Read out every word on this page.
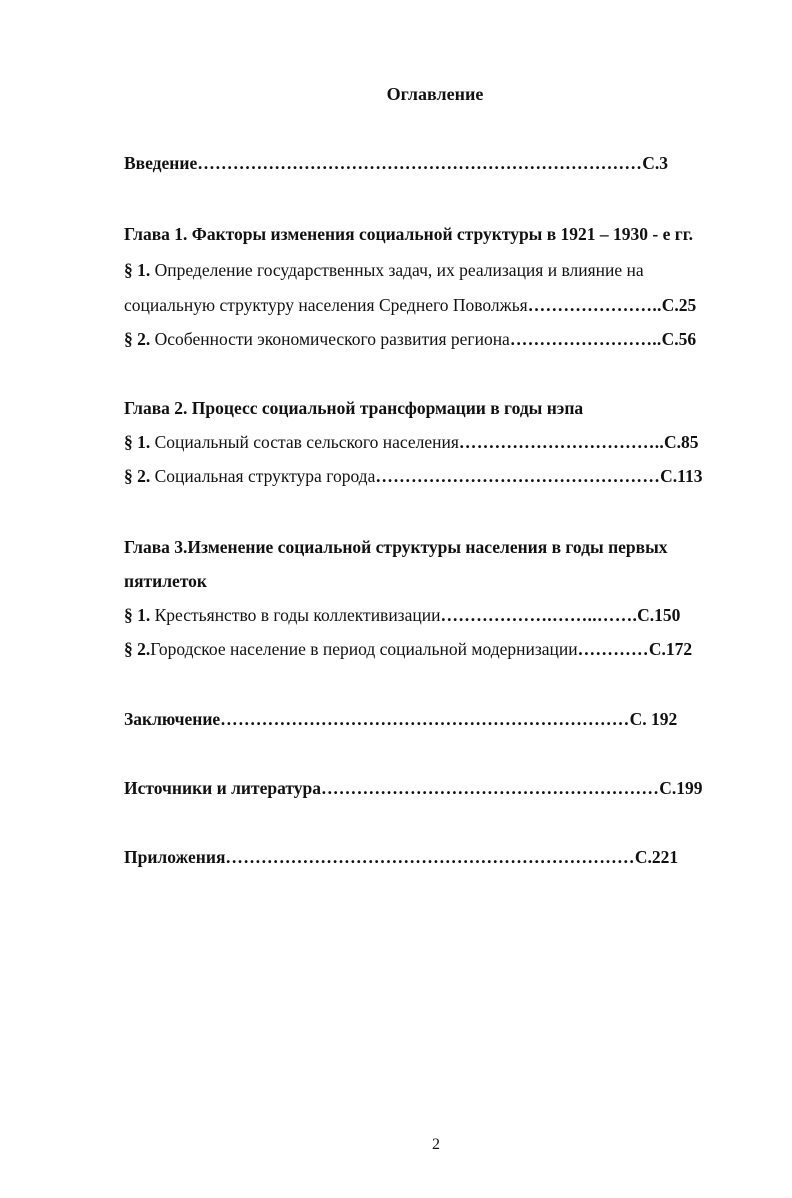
Оглавление
Введение…………………………………………………………………С.3
Глава 1. Факторы изменения социальной структуры в 1921 – 1930 - е гг.
§ 1. Определение государственных задач, их реализация и влияние на
социальную структуру населения Среднего Поволжья…………………..С.25
§ 2. Особенности экономического развития региона……………………..С.56
Глава 2. Процесс социальной трансформации в годы нэпа
§ 1. Социальный состав сельского населения……………………………..С.85
§ 2. Социальная структура города…………………………………………С.113
Глава 3.Изменение социальной структуры населения в годы первых
пятилеток
§ 1. Крестьянство в годы коллективизации……………….……..…….С.150
§ 2.Городское население в период социальной модернизации…………С.172
Заключение……………………………………………………………С. 192
Источники и литература…………………………………………………С.199
Приложения……………………………………………………………С.221
2
